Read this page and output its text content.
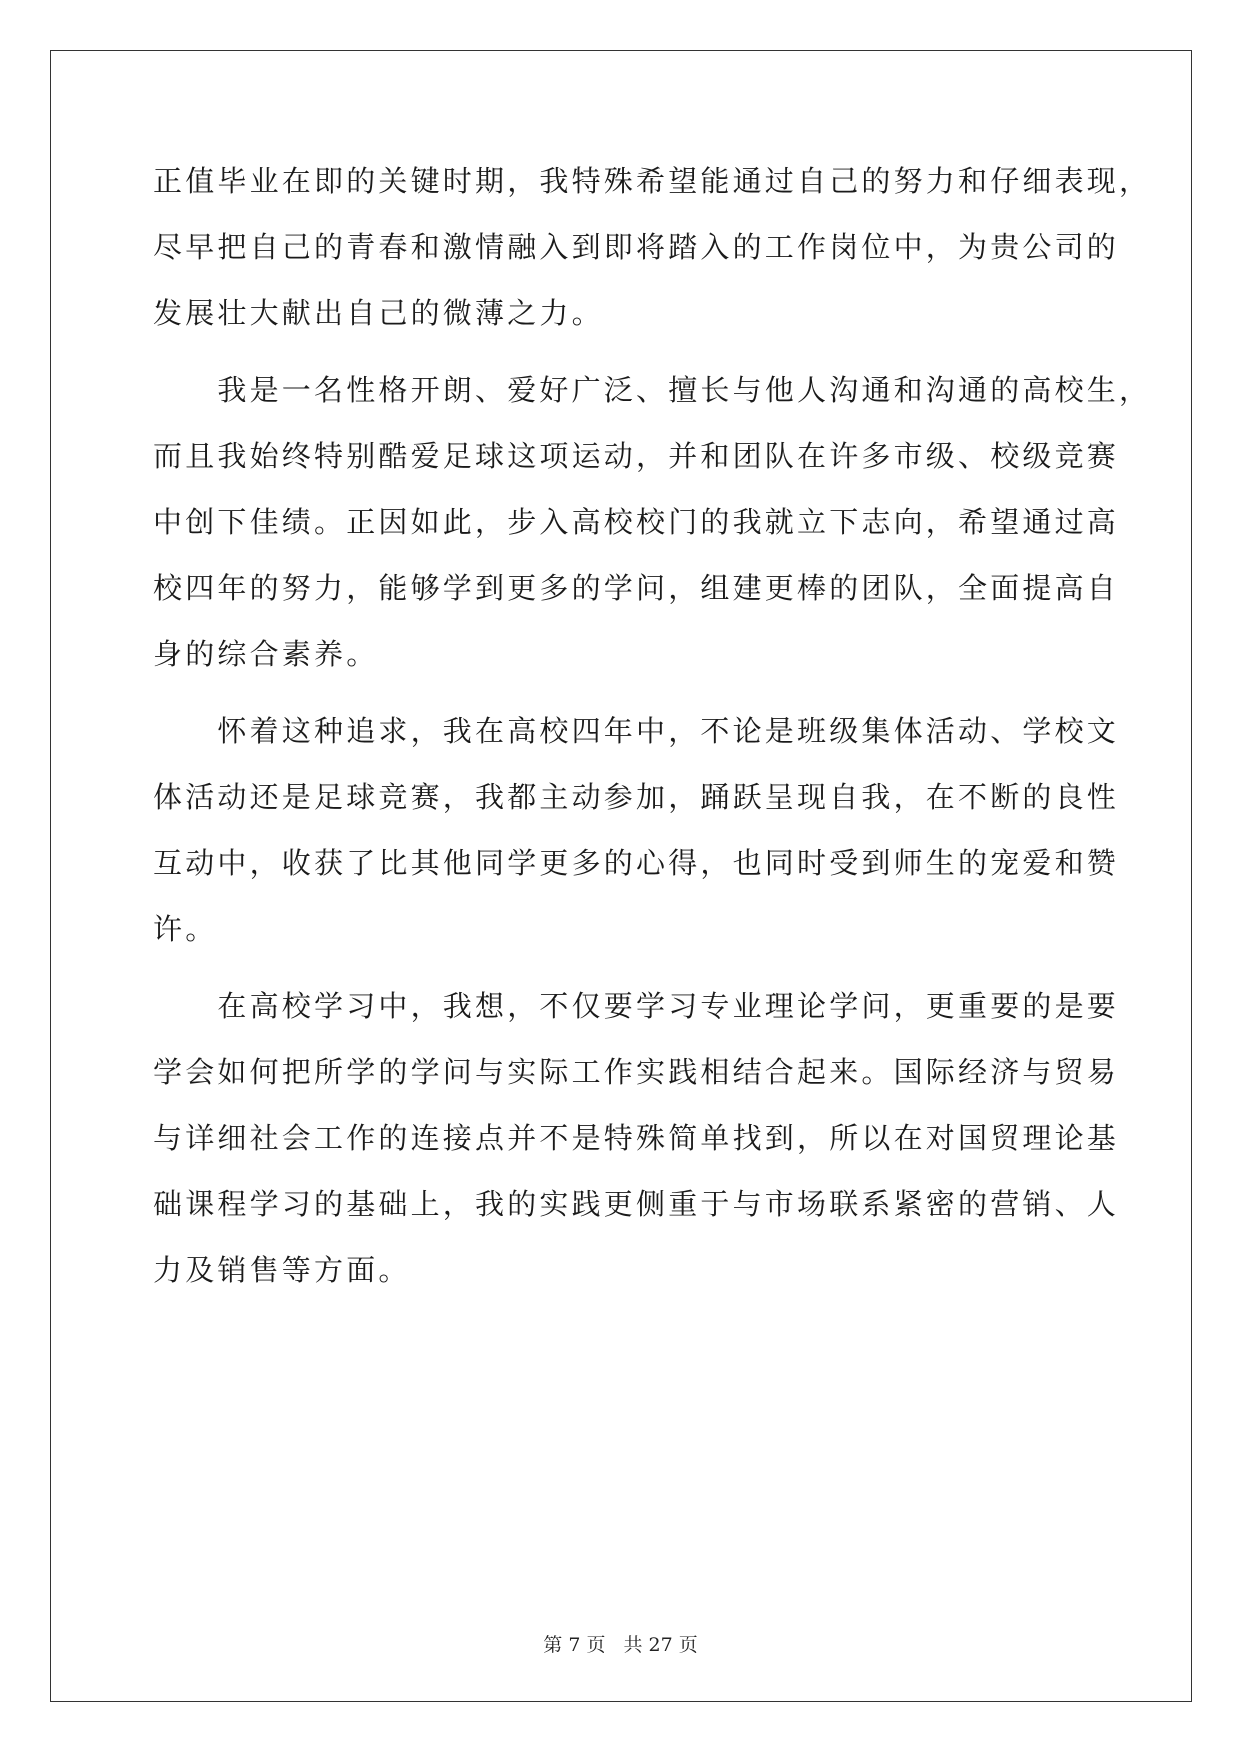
正值毕业在即的关键时期，我特殊希望能通过自己的努力和仔细表现，
尽早把自己的青春和激情融入到即将踏入的工作岗位中，为贵公司的
发展壮大献出自己的微薄之力。
　　我是一名性格开朗、爱好广泛、擅长与他人沟通和沟通的高校生，
而且我始终特别酷爱足球这项运动，并和团队在许多市级、校级竞赛
中创下佳绩。正因如此，步入高校校门的我就立下志向，希望通过高
校四年的努力，能够学到更多的学问，组建更棒的团队，全面提高自
身的综合素养。
　　怀着这种追求，我在高校四年中，不论是班级集体活动、学校文
体活动还是足球竞赛，我都主动参加，踊跃呈现自我，在不断的良性
互动中，收获了比其他同学更多的心得，也同时受到师生的宠爱和赞
许。
　　在高校学习中，我想，不仅要学习专业理论学问，更重要的是要
学会如何把所学的学问与实际工作实践相结合起来。国际经济与贸易
与详细社会工作的连接点并不是特殊简单找到，所以在对国贸理论基
础课程学习的基础上，我的实践更侧重于与市场联系紧密的营销、人
力及销售等方面。
第 7 页 共 27 页
